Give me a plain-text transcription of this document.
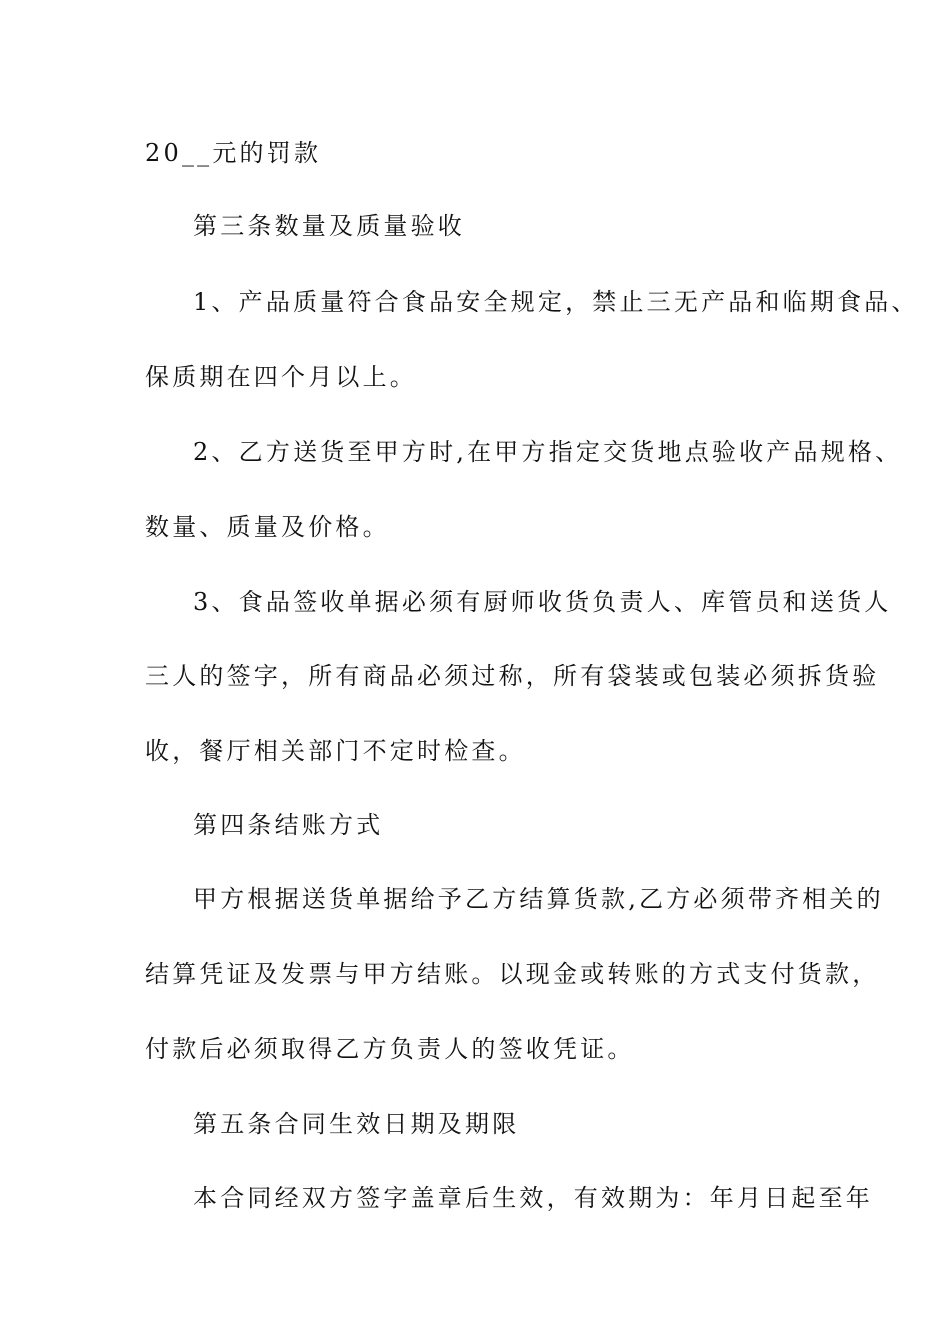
20__元的罚款
第三条数量及质量验收
1、产品质量符合食品安全规定，禁止三无产品和临期食品、
保质期在四个月以上。
2、乙方送货至甲方时,在甲方指定交货地点验收产品规格、
数量、质量及价格。
3、食品签收单据必须有厨师收货负责人、库管员和送货人
三人的签字，所有商品必须过称，所有袋装或包装必须拆货验
收，餐厅相关部门不定时检查。
第四条结账方式
甲方根据送货单据给予乙方结算货款,乙方必须带齐相关的
结算凭证及发票与甲方结账。以现金或转账的方式支付货款，
付款后必须取得乙方负责人的签收凭证。
第五条合同生效日期及期限
本合同经双方签字盖章后生效，有效期为：年月日起至年
